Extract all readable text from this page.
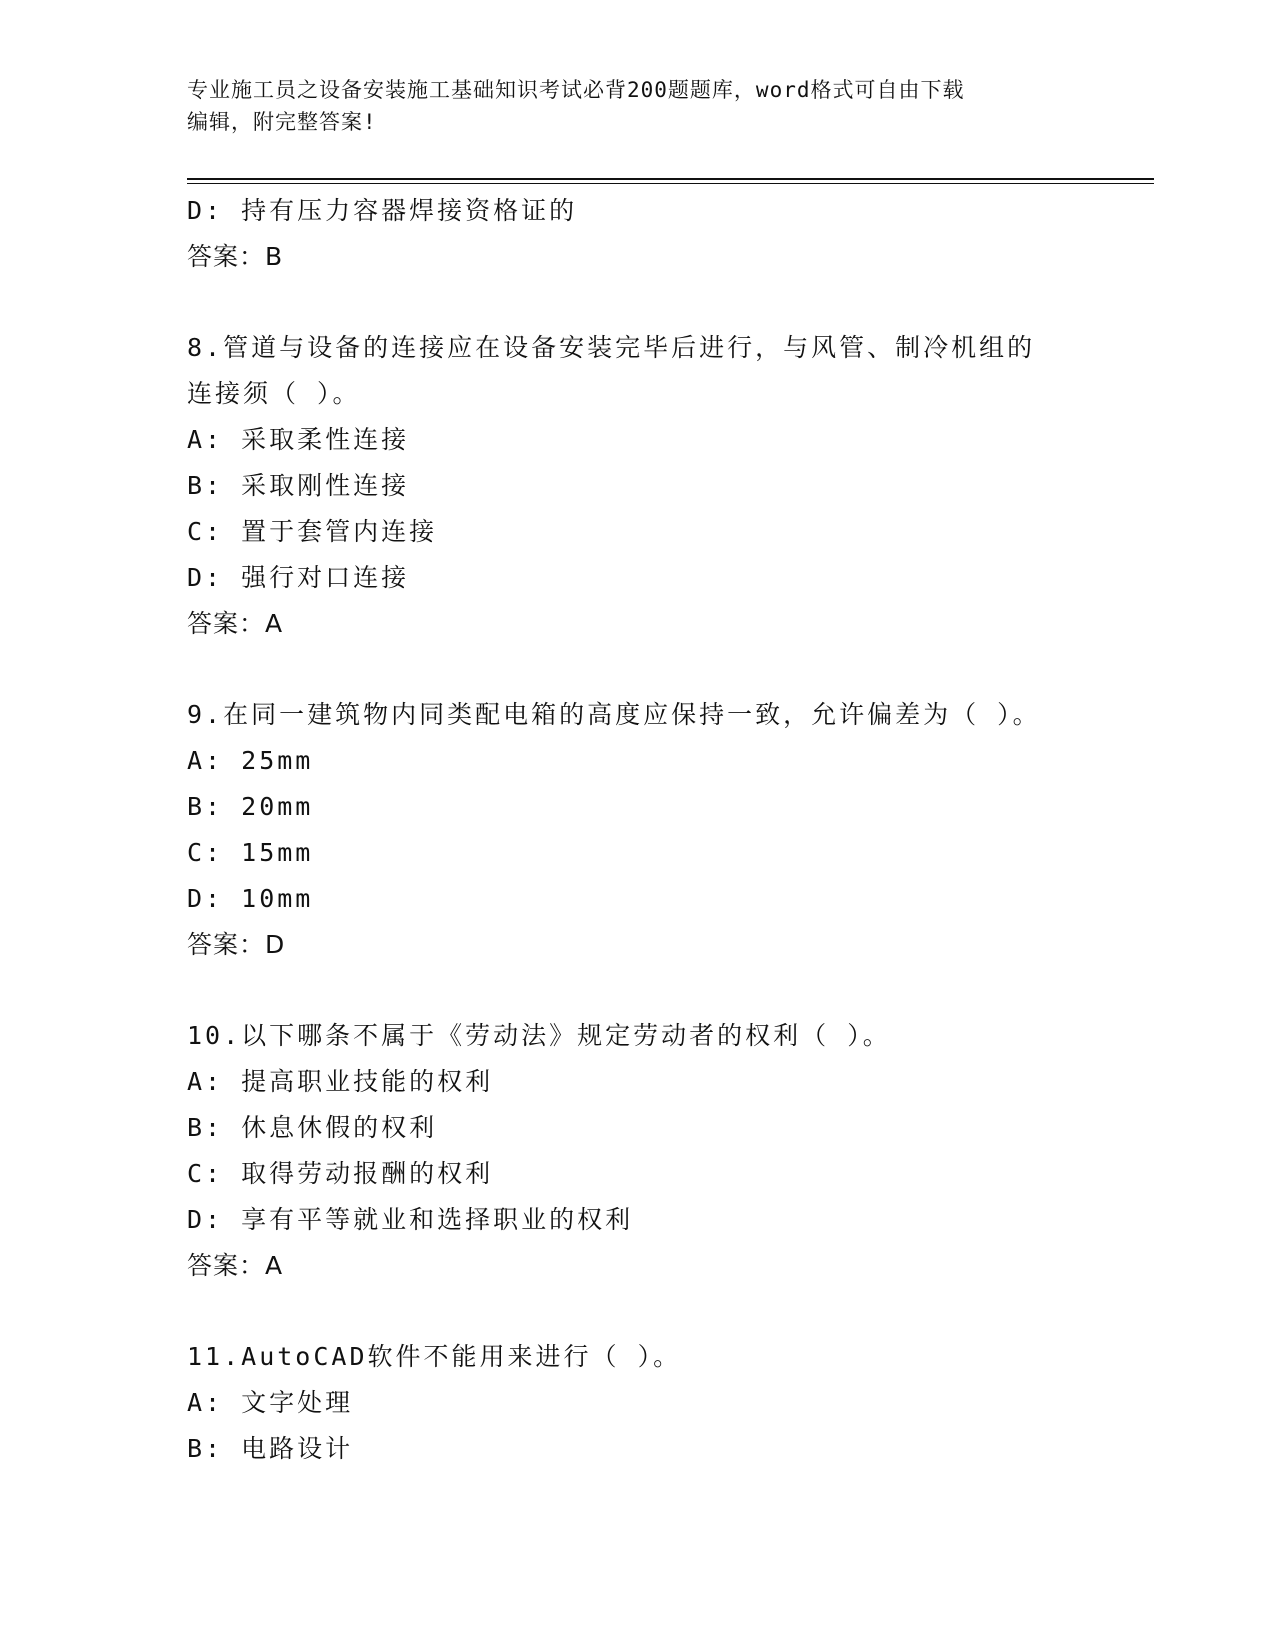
专业施工员之设备安装施工基础知识考试必背200题题库，word格式可自由下载
编辑，附完整答案!
D: 持有压力容器焊接资格证的
答案：B
8.管道与设备的连接应在设备安装完毕后进行，与风管、制冷机组的
连接须（ ）。
A: 采取柔性连接
B: 采取刚性连接
C: 置于套管内连接
D: 强行对口连接
答案：A
9.在同一建筑物内同类配电箱的高度应保持一致，允许偏差为（ ）。
A: 25mm
B: 20mm
C: 15mm
D: 10mm
答案：D
10.以下哪条不属于《劳动法》规定劳动者的权利（ ）。
A: 提高职业技能的权利
B: 休息休假的权利
C: 取得劳动报酬的权利
D: 享有平等就业和选择职业的权利
答案：A
11.AutoCAD软件不能用来进行（ ）。
A: 文字处理
B: 电路设计
